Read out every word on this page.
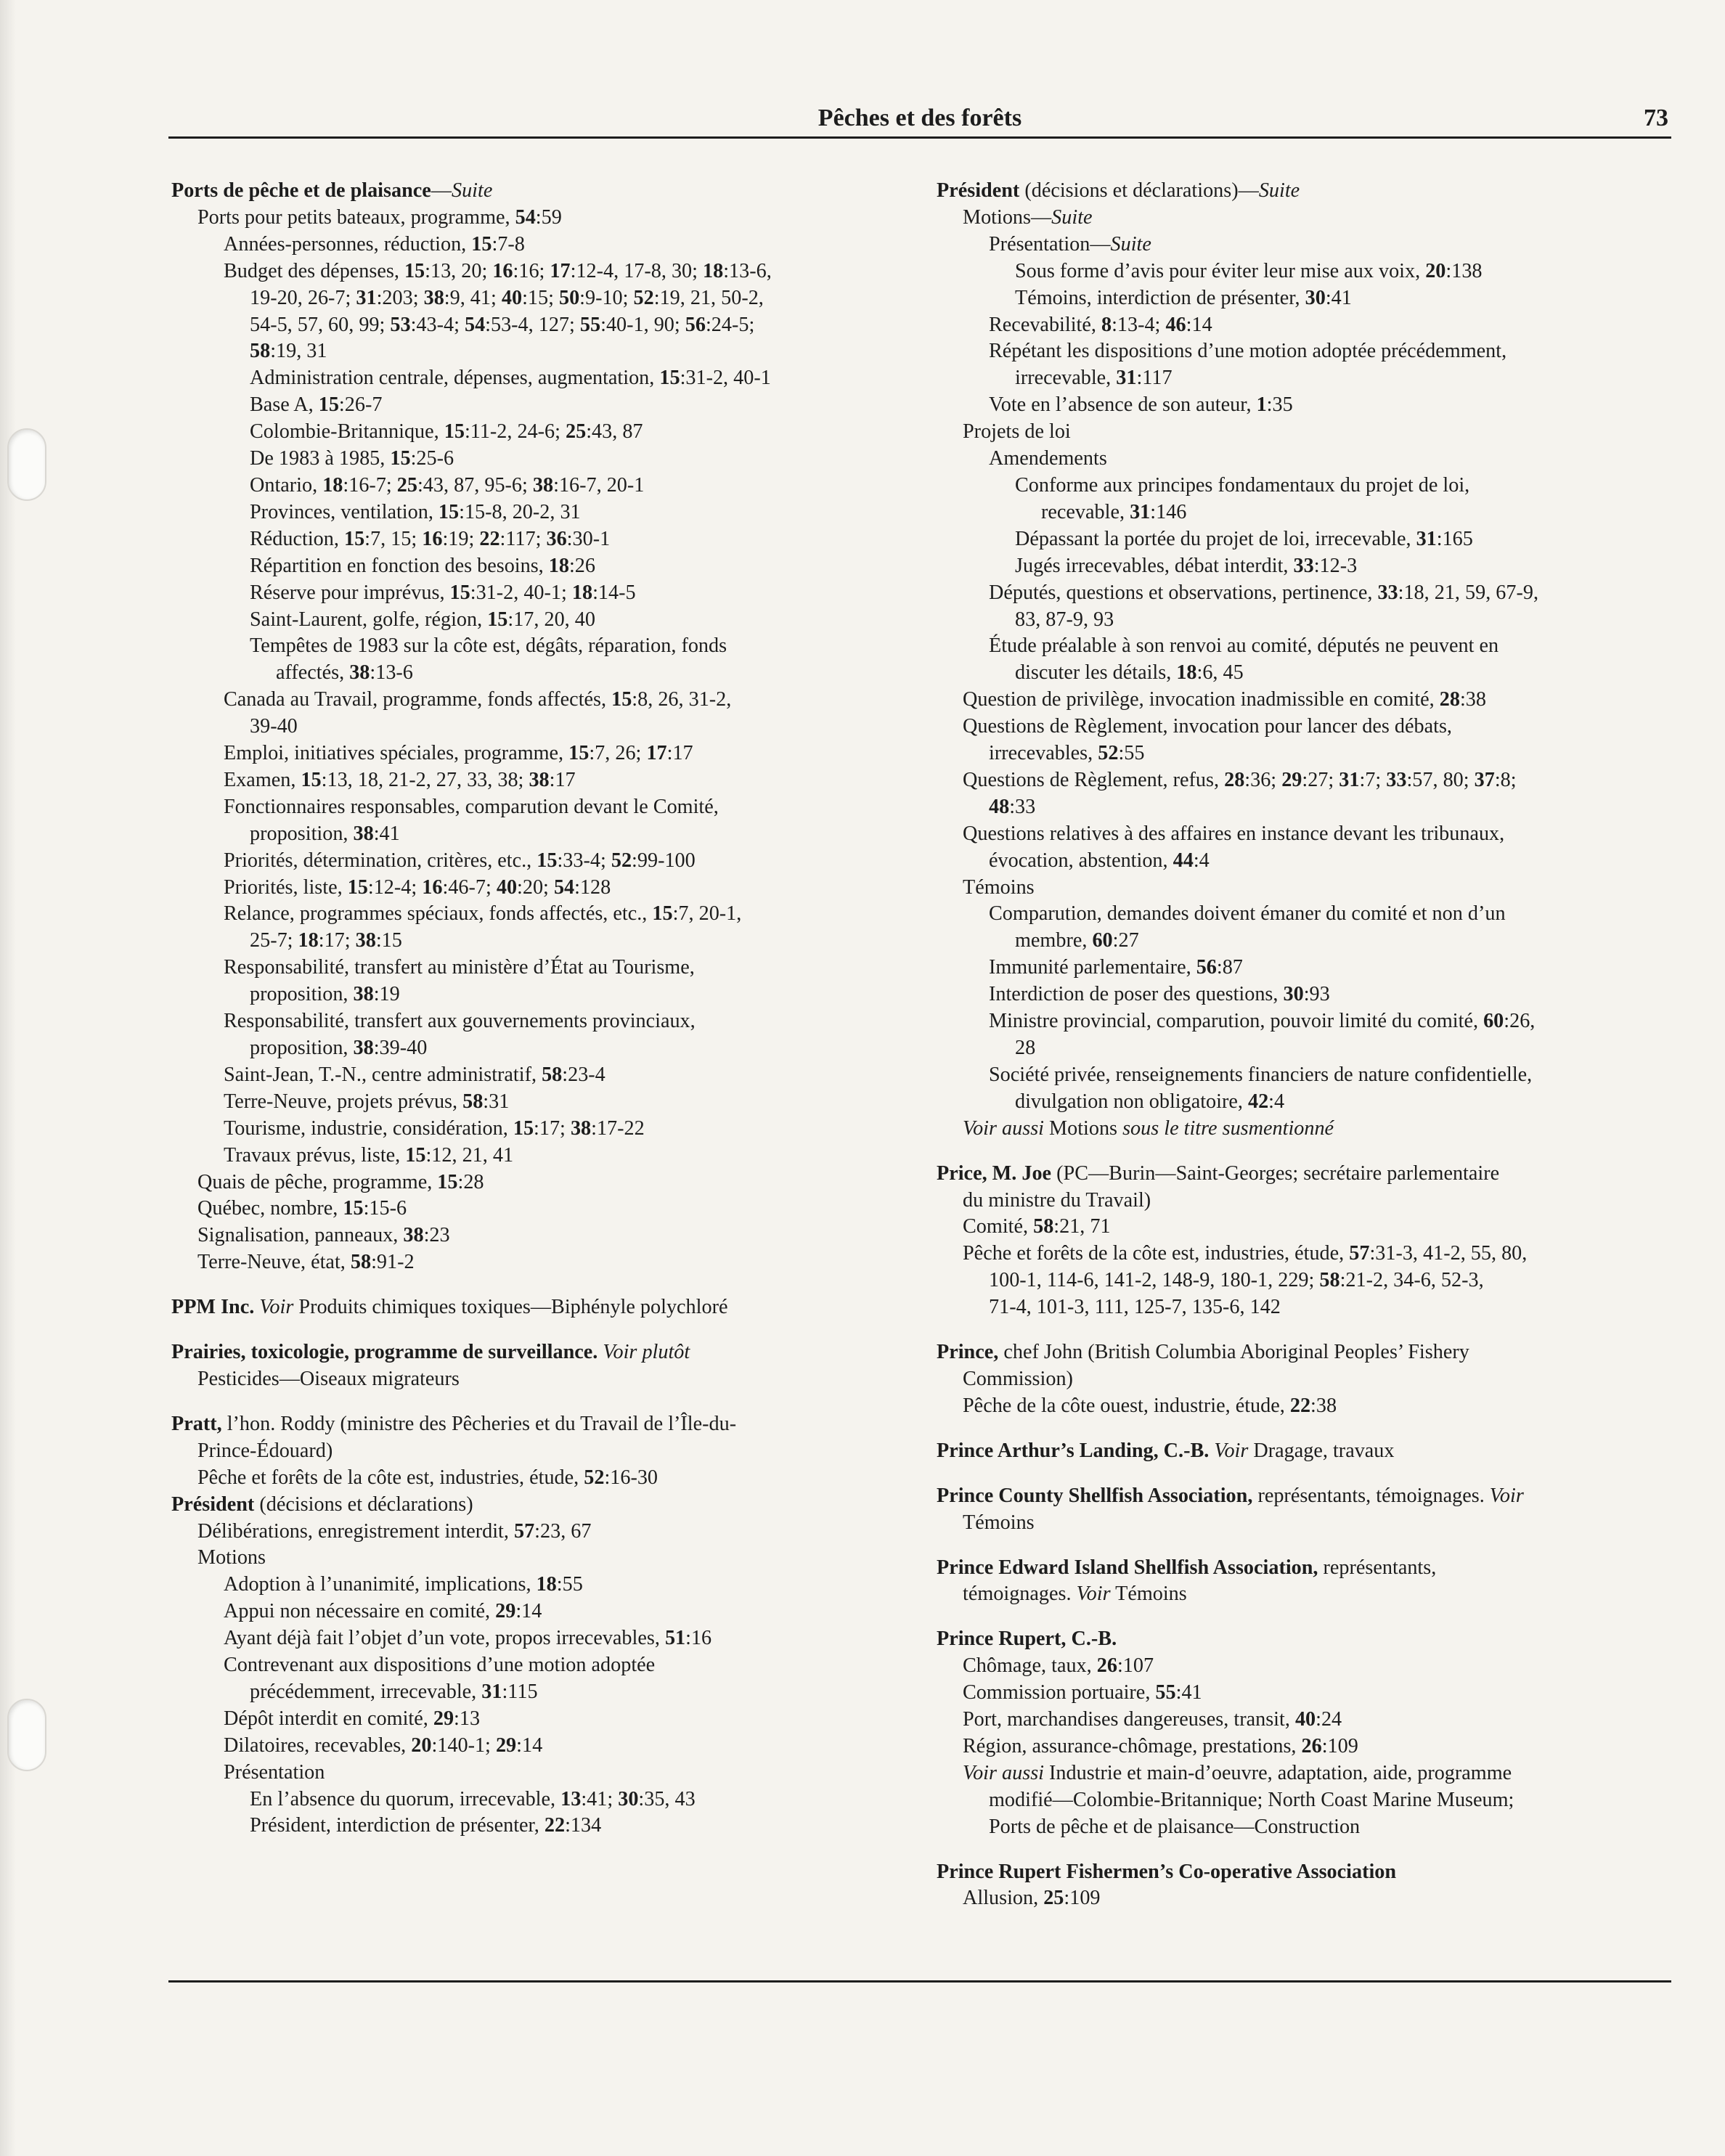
Pêches et des forêts	73
Ports de pêche et de plaisance—Suite
Ports pour petits bateaux, programme, 54:59
Années-personnes, réduction, 15:7-8
Budget des dépenses, 15:13, 20; 16:16; 17:12-4, 17-8, 30; 18:13-6,
19-20, 26-7; 31:203; 38:9, 41; 40:15; 50:9-10; 52:19, 21, 50-2,
54-5, 57, 60, 99; 53:43-4; 54:53-4, 127; 55:40-1, 90; 56:24-5;
58:19, 31
Administration centrale, dépenses, augmentation, 15:31-2, 40-1
Base A, 15:26-7
Colombie-Britannique, 15:11-2, 24-6; 25:43, 87
De 1983 à 1985, 15:25-6
Ontario, 18:16-7; 25:43, 87, 95-6; 38:16-7, 20-1
Provinces, ventilation, 15:15-8, 20-2, 31
Réduction, 15:7, 15; 16:19; 22:117; 36:30-1
Répartition en fonction des besoins, 18:26
Réserve pour imprévus, 15:31-2, 40-1; 18:14-5
Saint-Laurent, golfe, région, 15:17, 20, 40
Tempêtes de 1983 sur la côte est, dégâts, réparation, fonds
affectés, 38:13-6
Canada au Travail, programme, fonds affectés, 15:8, 26, 31-2,
39-40
Emploi, initiatives spéciales, programme, 15:7, 26; 17:17
Examen, 15:13, 18, 21-2, 27, 33, 38; 38:17
Fonctionnaires responsables, comparution devant le Comité,
proposition, 38:41
Priorités, détermination, critères, etc., 15:33-4; 52:99-100
Priorités, liste, 15:12-4; 16:46-7; 40:20; 54:128
Relance, programmes spéciaux, fonds affectés, etc., 15:7, 20-1,
25-7; 18:17; 38:15
Responsabilité, transfert au ministère d’État au Tourisme,
proposition, 38:19
Responsabilité, transfert aux gouvernements provinciaux,
proposition, 38:39-40
Saint-Jean, T.-N., centre administratif, 58:23-4
Terre-Neuve, projets prévus, 58:31
Tourisme, industrie, considération, 15:17; 38:17-22
Travaux prévus, liste, 15:12, 21, 41
Quais de pêche, programme, 15:28
Québec, nombre, 15:15-6
Signalisation, panneaux, 38:23
Terre-Neuve, état, 58:91-2
PPM Inc. Voir Produits chimiques toxiques—Biphényle polychloré
Prairies, toxicologie, programme de surveillance. Voir plutôt
Pesticides—Oiseaux migrateurs
Pratt, l’hon. Roddy (ministre des Pêcheries et du Travail de l’Île-du-
Prince-Édouard)
Pêche et forêts de la côte est, industries, étude, 52:16-30
Président (décisions et déclarations)
Délibérations, enregistrement interdit, 57:23, 67
Motions
Adoption à l’unanimité, implications, 18:55
Appui non nécessaire en comité, 29:14
Ayant déjà fait l’objet d’un vote, propos irrecevables, 51:16
Contrevenant aux dispositions d’une motion adoptée
précédemment, irrecevable, 31:115
Dépôt interdit en comité, 29:13
Dilatoires, recevables, 20:140-1; 29:14
Présentation
En l’absence du quorum, irrecevable, 13:41; 30:35, 43
Président, interdiction de présenter, 22:134
Président (décisions et déclarations)—Suite
Motions—Suite
Présentation—Suite
Sous forme d’avis pour éviter leur mise aux voix, 20:138
Témoins, interdiction de présenter, 30:41
Recevabilité, 8:13-4; 46:14
Répétant les dispositions d’une motion adoptée précédemment,
irrecevable, 31:117
Vote en l’absence de son auteur, 1:35
Projets de loi
Amendements
Conforme aux principes fondamentaux du projet de loi,
recevable, 31:146
Dépassant la portée du projet de loi, irrecevable, 31:165
Jugés irrecevables, débat interdit, 33:12-3
Députés, questions et observations, pertinence, 33:18, 21, 59, 67-9,
83, 87-9, 93
Étude préalable à son renvoi au comité, députés ne peuvent en
discuter les détails, 18:6, 45
Question de privilège, invocation inadmissible en comité, 28:38
Questions de Règlement, invocation pour lancer des débats,
irrecevables, 52:55
Questions de Règlement, refus, 28:36; 29:27; 31:7; 33:57, 80; 37:8;
48:33
Questions relatives à des affaires en instance devant les tribunaux,
évocation, abstention, 44:4
Témoins
Comparution, demandes doivent émaner du comité et non d’un
membre, 60:27
Immunité parlementaire, 56:87
Interdiction de poser des questions, 30:93
Ministre provincial, comparution, pouvoir limité du comité, 60:26,
28
Société privée, renseignements financiers de nature confidentielle,
divulgation non obligatoire, 42:4
Voir aussi Motions sous le titre susmentionné
Price, M. Joe (PC—Burin—Saint-Georges; secrétaire parlementaire
du ministre du Travail)
Comité, 58:21, 71
Pêche et forêts de la côte est, industries, étude, 57:31-3, 41-2, 55, 80,
100-1, 114-6, 141-2, 148-9, 180-1, 229; 58:21-2, 34-6, 52-3,
71-4, 101-3, 111, 125-7, 135-6, 142
Prince, chef John (British Columbia Aboriginal Peoples’ Fishery
Commission)
Pêche de la côte ouest, industrie, étude, 22:38
Prince Arthur’s Landing, C.-B. Voir Dragage, travaux
Prince County Shellfish Association, représentants, témoignages. Voir
Témoins
Prince Edward Island Shellfish Association, représentants,
témoignages. Voir Témoins
Prince Rupert, C.-B.
Chômage, taux, 26:107
Commission portuaire, 55:41
Port, marchandises dangereuses, transit, 40:24
Région, assurance-chômage, prestations, 26:109
Voir aussi Industrie et main-d’oeuvre, adaptation, aide, programme
modifié—Colombie-Britannique; North Coast Marine Museum;
Ports de pêche et de plaisance—Construction
Prince Rupert Fishermen’s Co-operative Association
Allusion, 25:109
